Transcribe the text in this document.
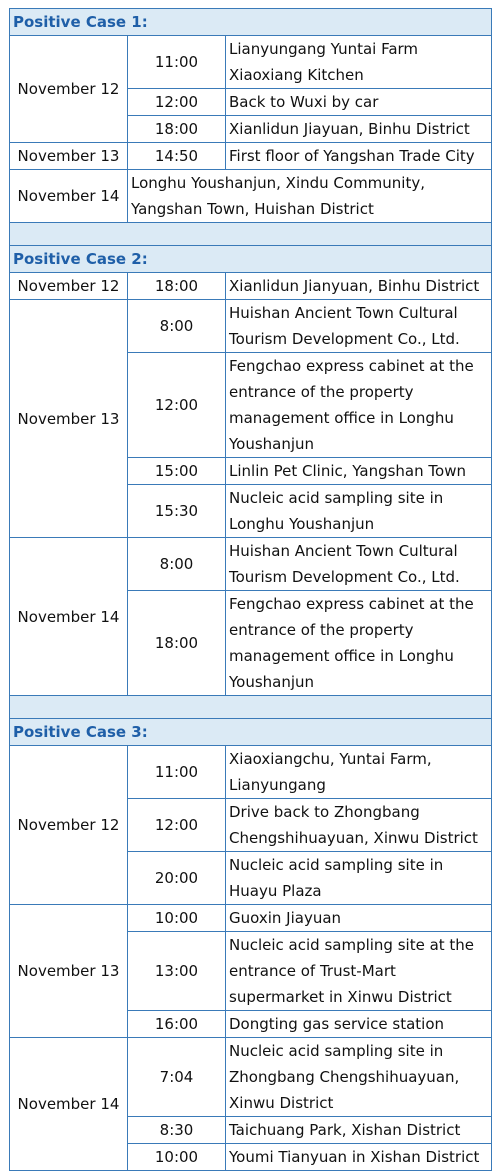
Positive Case 1:		
November 12	11:00	Lianyungang Yuntai Farm Xiaoxiang Kitchen
	12:00	Back to Wuxi by car
	18:00	Xianlidun Jiayuan, Binhu District
November 13	14:50	First floor of Yangshan Trade City
November 14	Longhu Youshanjun, Xindu Community, Yangshan Town, Huishan District	

Positive Case 2:		
November 12	18:00	Xianlidun Jianyuan, Binhu District
November 13	8:00	Huishan Ancient Town Cultural Tourism Development Co., Ltd.
	12:00	Fengchao express cabinet at the entrance of the property management office in Longhu Youshanjun
	15:00	Linlin Pet Clinic, Yangshan Town
	15:30	Nucleic acid sampling site in Longhu Youshanjun
November 14	8:00	Huishan Ancient Town Cultural Tourism Development Co., Ltd.
	18:00	Fengchao express cabinet at the entrance of the property management office in Longhu Youshanjun

Positive Case 3:		
November 12	11:00	Xiaoxiangchu, Yuntai Farm, Lianyungang
	12:00	Drive back to Zhongbang Chengshihuayuan, Xinwu District
	20:00	Nucleic acid sampling site in Huayu Plaza
November 13	10:00	Guoxin Jiayuan
	13:00	Nucleic acid sampling site at the entrance of Trust-Mart supermarket in Xinwu District
	16:00	Dongting gas service station
November 14	7:04	Nucleic acid sampling site in Zhongbang Chengshihuayuan, Xinwu District
	8:30	Taichuang Park, Xishan District
	10:00	Youmi Tianyuan in Xishan District
